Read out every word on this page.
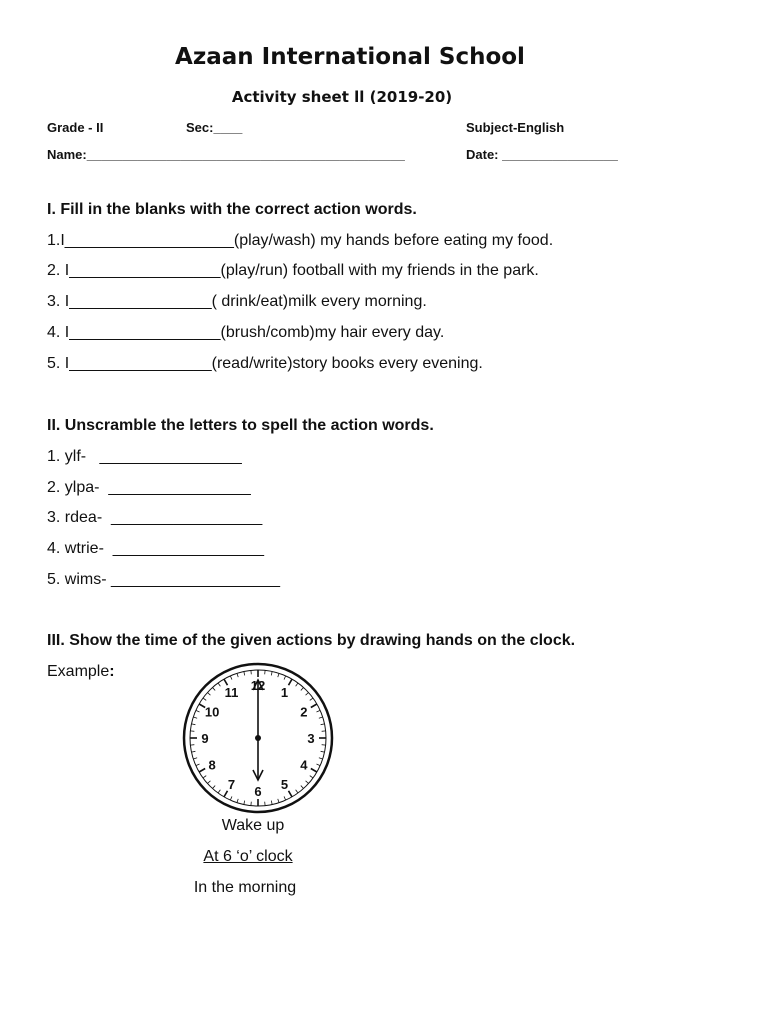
Azaan International School
Activity sheet ll (2019-20)
Grade - II	Sec:____	Subject-English
Name:____________________________________________	Date: ________________
I. Fill in the blanks with the correct action words.
1.I___________________(play/wash) my hands before eating my food.
2. I_________________(play/run) football with my friends in the park.
3. I________________( drink/eat)milk every morning.
4. I_________________(brush/comb)my hair every day.
5. I________________(read/write)story books every evening.
II. Unscramble the letters to spell the action words.
1. ylf-   ________________
2. ylpa-  ________________
3. rdea-  _________________
4. wtrie-  _________________
5. wims- ___________________
III. Show the time of the given actions by drawing hands on the clock.
Example:
12 1
2
3
4
5
6
7
8
9
10
11
Wake up
At 6 ‘o’ clock
In the morning
